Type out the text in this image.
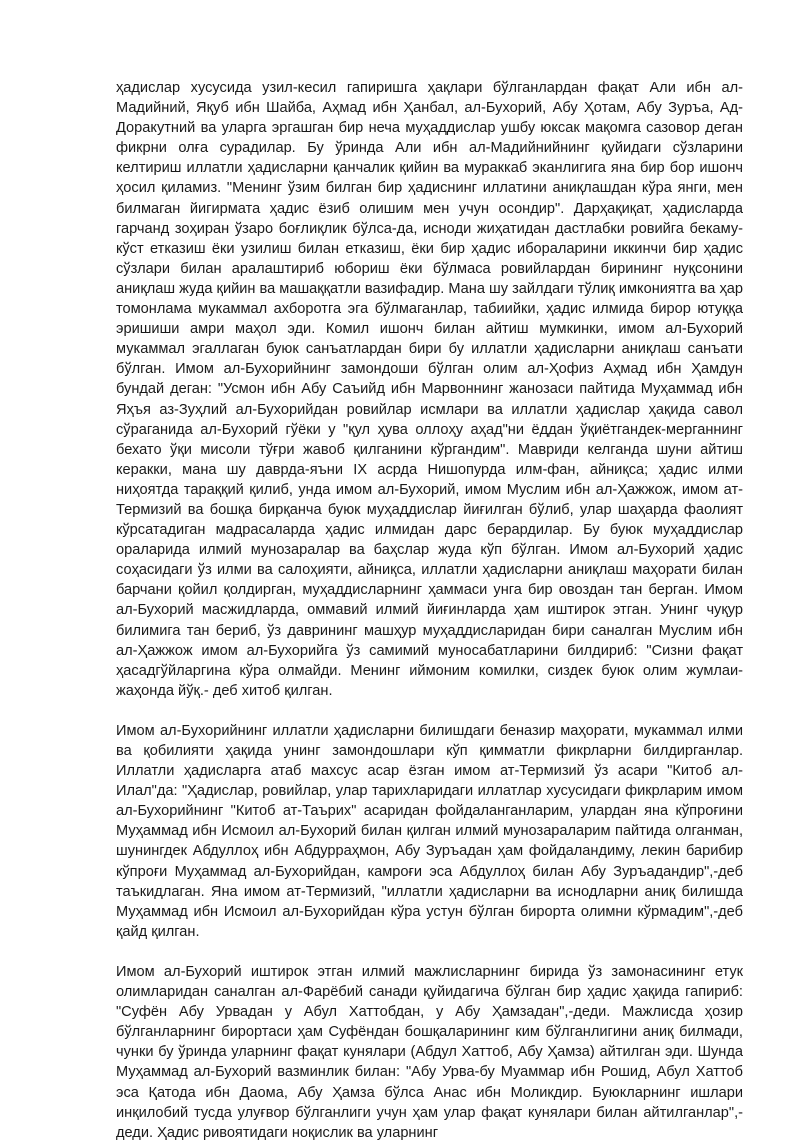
ҳадислар хусусида узил-кесил гапиришга ҳақлари бўлганлардан фақат Али ибн ал-Мадийний, Яқуб ибн Шайба, Аҳмад ибн Ҳанбал, ал-Бухорий, Абу Ҳотам, Абу Зуръа, Ад-Доракутний ва уларга эргашган бир неча муҳаддислар ушбу юксак мақомга сазовор деган фикрни олға сурадилар. Бу ўринда Али ибн ал-Мадийнийнинг қуйидаги сўзларини келтириш иллатли ҳадисларни қанчалик қийин ва мураккаб эканлигига яна бир бор ишонч ҳосил қиламиз. "Менинг ўзим билган бир ҳадиснинг иллатини аниқлашдан кўра янги, мен билмаган йигирмата ҳадис ёзиб олишим мен учун осондир". Дарҳақиқат, ҳадисларда гарчанд зоҳиран ўзаро боғлиқлик бўлса-да, иснoди жиҳатидан дастлабки ровийга бекаму-кўст етказиш ёки узилиш билан етказиш, ёки бир ҳадис ибораларини иккинчи бир ҳадис сўзлари билан аралаштириб юбориш ёки бўлмаса ровийлардан бирининг нуқсонини аниқлаш жуда қийин ва машаққатли вазифадир. Мана шу зайлдаги тўлиқ имкониятга ва ҳар томонлама мукаммал ахборотга эга бўлмаганлар, табиийки, ҳадис илмида бирор ютуққа эришиши амри маҳол эди. Комил ишонч билан айтиш мумкинки, имом ал-Бухорий мукаммал эгаллаган буюк санъатлардан бири бу иллатли ҳадисларни аниқлаш санъати бўлган. Имом ал-Бухорийнинг замондоши бўлган олим ал-Ҳофиз Аҳмад ибн Ҳамдун бундай деган: "Усмон ибн Абу Саъийд ибн Марвоннинг жанозаси пайтида Муҳаммад ибн Яҳъя аз-Зуҳлий ал-Бухорийдан ровийлар исмлари ва иллатли ҳадислар ҳақида савол сўраганида ал-Бухорий гўёки у "қул ҳува оллоҳу аҳад"ни ёддан ўқиётгандек-мерганнинг бехато ўқи мисоли тўғри жавоб қилганини кўргандим". Мавриди келганда шуни айтиш керакки, мана шу даврда-яъни IX асрда Нишопурда илм-фан, айниқса; ҳадис илми ниҳоятда тараққий қилиб, унда имом ал-Бухорий, имом Муслим ибн ал-Ҳажжож, имом ат-Термизий ва бошқа бирқанча буюк муҳаддислар йиғилган бўлиб, улар шаҳарда фаолият кўрсатадиган мадрасаларда ҳадис илмидан дарс берардилар. Бу буюк муҳаддислар ораларида илмий мунозаралар ва баҳслар жуда кўп бўлган. Имом ал-Бухорий ҳадис соҳасидаги ўз илми ва салоҳияти, айниқса, иллатли ҳадисларни аниқлаш маҳорати билан барчани қойил қолдирган, муҳаддисларнинг ҳаммаси унга бир овоздан тан берган. Имом ал-Бухорий масжидларда, оммавий илмий йиғинларда ҳам иштирок этган. Унинг чуқур билимига тан бериб, ўз даврининг машҳур муҳаддисларидан бири саналган Муслим ибн ал-Ҳажжож имом ал-Бухорийга ўз самимий муносабатларини билдириб: "Сизни фақат ҳасадгўйларгина кўра олмайди. Менинг иймоним комилки, сиздек буюк олим жумлаи-жаҳонда йўқ.- деб хитоб қилган.

Имом ал-Бухорийнинг иллатли ҳадисларни билишдаги беназир маҳорати, мукаммал илми ва қобилияти ҳақида унинг замондошлари кўп қимматли фикрларни билдирганлар. Иллатли ҳадисларга атаб махсус асар ёзган имом ат-Термизий ўз асари "Китоб ал-Илал"да: "Ҳадислар, ровийлар, улар тарихларидаги иллатлар хусусидаги фикрларим имом ал-Бухорийнинг "Китоб ат-Таърих" асаридан фойдаланганларим, улардан яна кўпроғини Муҳаммад ибн Исмоил ал-Бухорий билан қилган илмий мунозараларим пайтида олганман, шунингдек Абдуллоҳ ибн Абдурраҳмон, Абу Зуръадан ҳам фойдаландиму, лекин барибир кўпроғи Муҳаммад ал-Бухорийдан, камроғи эса Абдуллоҳ билан Абу Зуръадандир",-деб таъкидлаган. Яна имом ат-Термизий, "иллатли ҳадисларни ва иснодларни аниқ билишда Муҳаммад ибн Исмоил ал-Бухорийдан кўра устун бўлган бирорта олимни кўрмадим",-деб қайд қилган.

Имом ал-Бухорий иштирок этган илмий мажлисларнинг бирида ўз замонасининг етук олимларидан саналган ал-Фарёбий санади қуйидагича бўлган бир ҳадис ҳақида гапириб: "Суфён Абу Урвадан у Абул Хаттобдан, у Абу Ҳамзадан",-деди. Мажлисда ҳозир бўлганларнинг бирортаси ҳам Суфёндан бошқаларининг ким бўлганлигини аниқ билмади, чунки бу ўринда уларнинг фақат кунялари (Абдул Хаттоб, Абу Ҳамза) айтилган эди. Шунда Муҳаммад ал-Бухорий вазминлик билан: "Абу Урва-бу Муаммар ибн Рошид, Абул Хаттоб эса Қатода ибн Даома, Абу Ҳамза бўлса Анас ибн Моликдир. Буюкларнинг ишлари инқилобий тусда улуғвор бўлганлиги учун ҳам улар фақат кунялари билан айтилганлар",-деди. Ҳадис ривоятидаги ноқислик ва уларнинг
